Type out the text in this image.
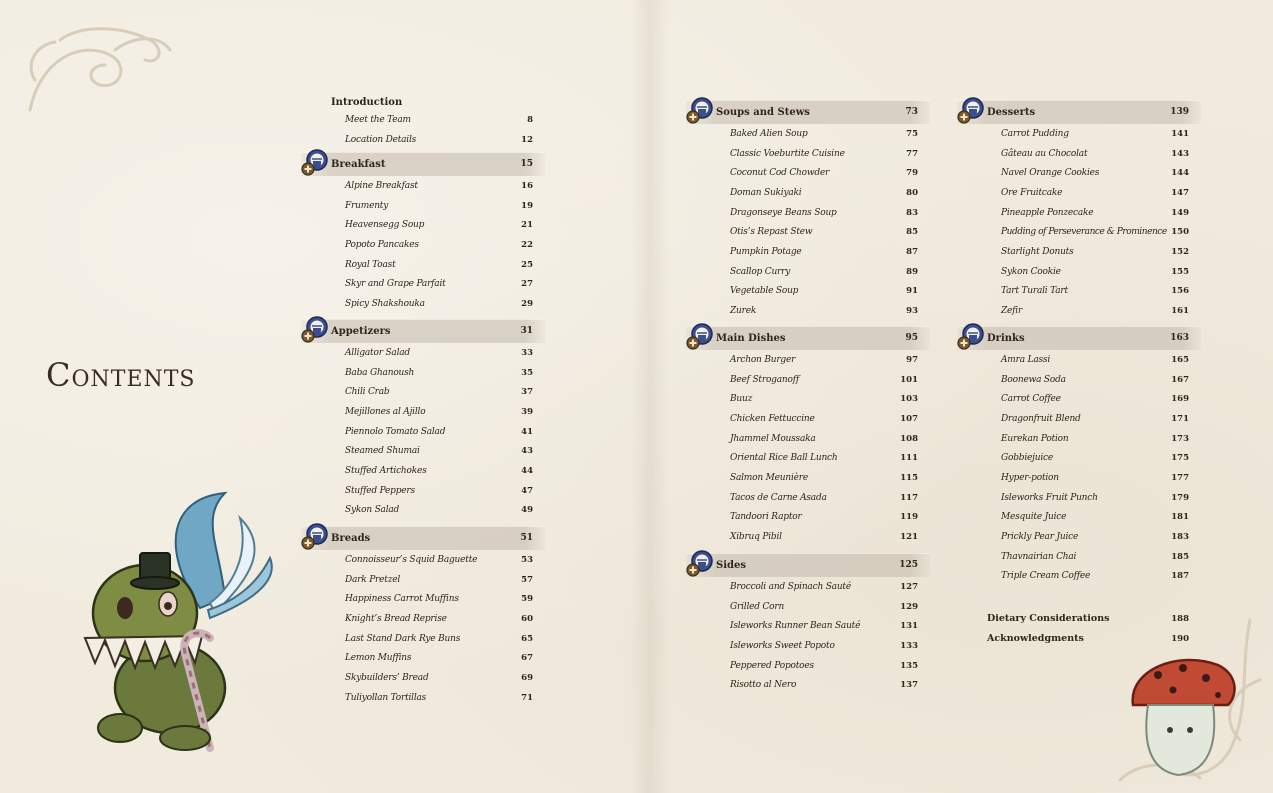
Contents
Introduction
Meet the Team	8
Location Details	12
Breakfast	15
Alpine Breakfast	16
Frumenty	19
Heavensegg Soup	21
Popoto Pancakes	22
Royal Toast	25
Skyr and Grape Parfait	27
Spicy Shakshouka	29
Appetizers	31
Alligator Salad	33
Baba Ghanoush	35
Chili Crab	37
Mejillones al Ajillo	39
Piennolo Tomato Salad	41
Steamed Shumai	43
Stuffed Artichokes	44
Stuffed Peppers	47
Sykon Salad	49
Breads	51
Connoisseur’s Squid Baguette	53
Dark Pretzel	57
Happiness Carrot Muffins	59
Knight’s Bread Reprise	60
Last Stand Dark Rye Buns	65
Lemon Muffins	67
Skybuilders’ Bread	69
Tuliyollan Tortillas	71
Soups and Stews	73
Baked Alien Soup	75
Classic Voeburtite Cuisine	77
Coconut Cod Chowder	79
Doman Sukiyaki	80
Dragonseye Beans Soup	83
Otis’s Repast Stew	85
Pumpkin Potage	87
Scallop Curry	89
Vegetable Soup	91
Zurek	93
Main Dishes	95
Archon Burger	97
Beef Stroganoff	101
Buuz	103
Chicken Fettuccine	107
Jhammel Moussaka	108
Oriental Rice Ball Lunch	111
Salmon Meunière	115
Tacos de Carne Asada	117
Tandoori Raptor	119
Xibruq Pibil	121
Sides	125
Broccoli and Spinach Sauté	127
Grilled Corn	129
Isleworks Runner Bean Sauté	131
Isleworks Sweet Popoto	133
Peppered Popotoes	135
Risotto al Nero	137
Desserts	139
Carrot Pudding	141
Gâteau au Chocolat	143
Navel Orange Cookies	144
Ore Fruitcake	147
Pineapple Ponzecake	149
Pudding of Perseverance & Prominence 150
Starlight Donuts	152
Sykon Cookie	155
Tart Turali Tart	156
Zefir	161
Drinks	163
Amra Lassi	165
Boonewa Soda	167
Carrot Coffee	169
Dragonfruit Blend	171
Eurekan Potion	173
Gobbiejuice	175
Hyper-potion	177
Isleworks Fruit Punch	179
Mesquite Juice	181
Prickly Pear Juice	183
Thavnairian Chai	185
Triple Cream Coffee	187
Dietary Considerations	188
Acknowledgments	190
